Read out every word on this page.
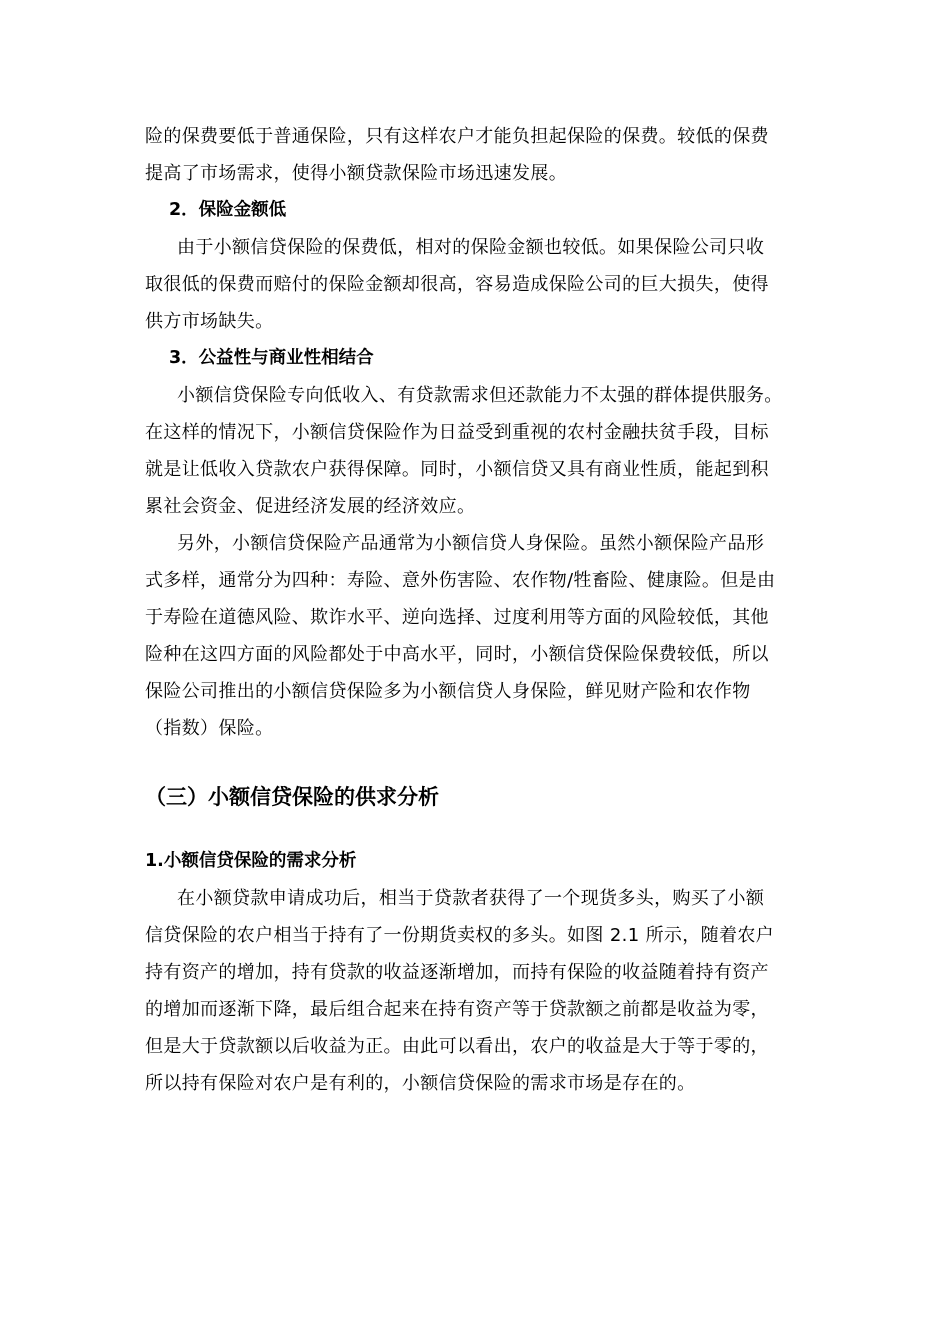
险的保费要低于普通保险，只有这样农户才能负担起保险的保费。较低的保费
提高了市场需求，使得小额贷款保险市场迅速发展。

2．保险金额低

由于小额信贷保险的保费低，相对的保险金额也较低。如果保险公司只收
取很低的保费而赔付的保险金额却很高，容易造成保险公司的巨大损失，使得
供方市场缺失。

3．公益性与商业性相结合

小额信贷保险专向低收入、有贷款需求但还款能力不太强的群体提供服务。
在这样的情况下，小额信贷保险作为日益受到重视的农村金融扶贫手段，目标
就是让低收入贷款农户获得保障。同时，小额信贷又具有商业性质，能起到积
累社会资金、促进经济发展的经济效应。

另外，小额信贷保险产品通常为小额信贷人身保险。虽然小额保险产品形
式多样，通常分为四种：寿险、意外伤害险、农作物/牲畜险、健康险。但是由
于寿险在道德风险、欺诈水平、逆向选择、过度利用等方面的风险较低，其他
险种在这四方面的风险都处于中高水平，同时，小额信贷保险保费较低，所以
保险公司推出的小额信贷保险多为小额信贷人身保险，鲜见财产险和农作物
（指数）保险。

（三）小额信贷保险的供求分析
1.小额信贷保险的需求分析

在小额贷款申请成功后，相当于贷款者获得了一个现货多头，购买了小额
信贷保险的农户相当于持有了一份期货卖权的多头。如图 2.1 所示，随着农户
持有资产的增加，持有贷款的收益逐渐增加，而持有保险的收益随着持有资产
的增加而逐渐下降，最后组合起来在持有资产等于贷款额之前都是收益为零，
但是大于贷款额以后收益为正。由此可以看出，农户的收益是大于等于零的，
所以持有保险对农户是有利的，小额信贷保险的需求市场是存在的。
